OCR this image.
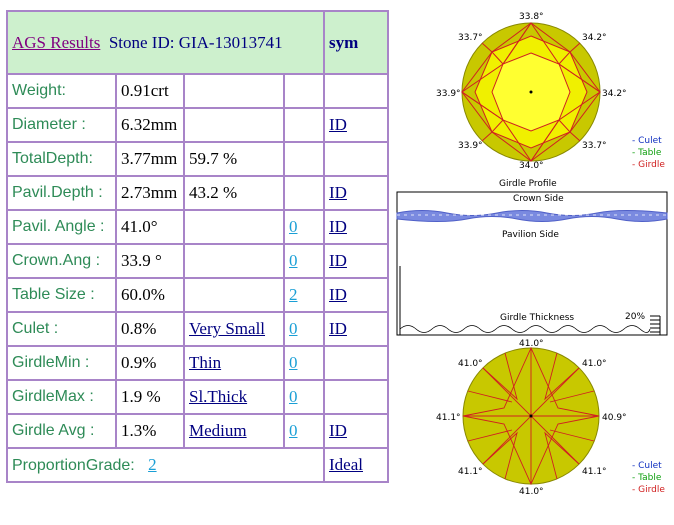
AGS Results Stone ID: GIA-13013741				sym
Weight:	0.91crt			
Diameter :	6.32mm			ID
TotalDepth:	3.77mm	59.7 %		
Pavil.Depth :	2.73mm	43.2 %		ID
Pavil. Angle :	41.0°		0	ID
Crown.Ang :	33.9 °		0	ID
Table Size :	60.0%		2	ID
Culet :	0.8%	Very Small	0	ID
GirdleMin :	0.9%	Thin	0	
GirdleMax :	1.9 %	Sl.Thick	0	
Girdle Avg :	1.3%	Medium	0	ID
ProportionGrade: 2				Ideal
33.8°
33.7°	34.2°
33.9°	34.2°
33.9°	33.7°
34.0°
- Culet
- Table
- Girdle
Girdle Profile
Crown Side
Pavilion Side
Girdle Thickness	20%
41.0°
41.0°	41.0°
41.1°	40.9°
41.1°	41.1°
41.0°
- Culet
- Table
- Girdle
